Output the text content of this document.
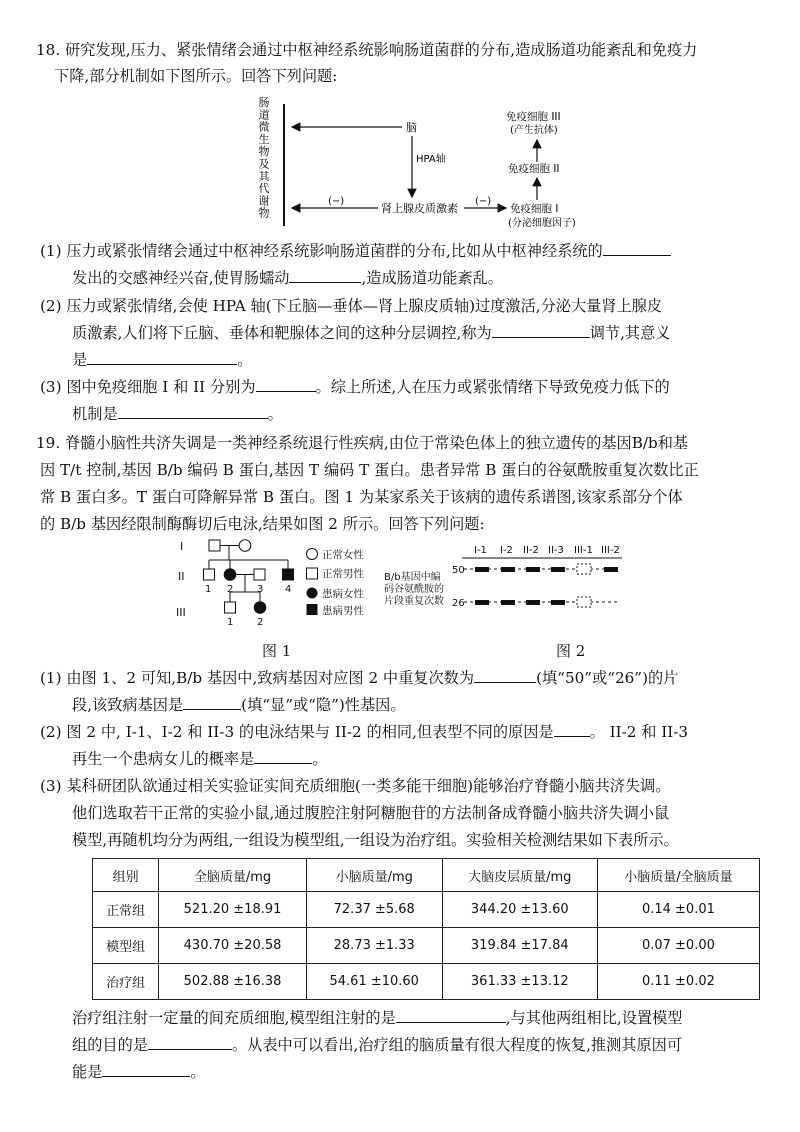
18. 研究发现,压力、紧张情绪会通过中枢神经系统影响肠道菌群的分布,造成肠道功能紊乱和免疫力
下降,部分机制如下图所示。回答下列问题:
肠道微生物及其代谢物
脑
HPA轴
(−)
肾上腺皮质激素
(−)
免疫细胞 I
(分泌细胞因子)
免疫细胞 II
免疫细胞 III
(产生抗体)
(1) 压力或紧张情绪会通过中枢神经系统影响肠道菌群的分布,比如从中枢神经系统的
发出的交感神经兴奋,使胃肠蠕动	,造成肠道功能紊乱。
(2) 压力或紧张情绪,会使 HPA 轴(下丘脑—垂体—肾上腺皮质轴)过度激活,分泌大量肾上腺皮
质激素,人们将下丘脑、垂体和靶腺体之间的这种分层调控,称为	调节,其意义
是	。
(3) 图中免疫细胞 I 和 II 分别为	。综上所述,人在压力或紧张情绪下导致免疫力低下的
机制是	。
19. 脊髓小脑性共济失调是一类神经系统退行性疾病,由位于常染色体上的独立遗传的基因B/b和基
因 T/t 控制,基因 B/b 编码 B 蛋白,基因 T 编码 T 蛋白。患者异常 B 蛋白的谷氨酰胺重复次数比正
常 B 蛋白多。T 蛋白可降解异常 B 蛋白。图 1 为某家系关于该病的遗传系谱图,该家系部分个体
的 B/b 基因经限制酶酶切后电泳,结果如图 2 所示。回答下列问题:
I
II
III
1 2 3 4
1 2
正常女性
正常男性
患病女性
患病男性
图 1
B/b基因中编
码谷氨酰胺的
片段重复次数
I-1 I-2 II-2 II-3 III-1 III-2
50
26
图 2
(1) 由图 1、2 可知,B/b 基因中,致病基因对应图 2 中重复次数为	(填“50”或“26”)的片
段,该致病基因是	(填“显”或“隐”)性基因。
(2) 图 2 中, I-1、I-2 和 II-3 的电泳结果与 II-2 的相同,但表型不同的原因是 。 II-2 和 II-3
再生一个患病女儿的概率是	。
(3) 某科研团队欲通过相关实验证实间充质细胞(一类多能干细胞)能够治疗脊髓小脑共济失调。
他们选取若干正常的实验小鼠,通过腹腔注射阿糖胞苷的方法制备成脊髓小脑共济失调小鼠
模型,再随机均分为两组,一组设为模型组,一组设为治疗组。实验相关检测结果如下表所示。
组别	全脑质量/mg	小脑质量/mg	大脑皮层质量/mg	小脑质量/全脑质量
正常组	521.20 ±18.91	72.37 ±5.68	344.20 ±13.60	0.14 ±0.01
模型组	430.70 ±20.58	28.73 ±1.33	319.84 ±17.84	0.07 ±0.00
治疗组	502.88 ±16.38	54.61 ±10.60	361.33 ±13.12	0.11 ±0.02
治疗组注射一定量的间充质细胞,模型组注射的是	,与其他两组相比,设置模型
组的目的是	。从表中可以看出,治疗组的脑质量有很大程度的恢复,推测其原因可
能是	。
